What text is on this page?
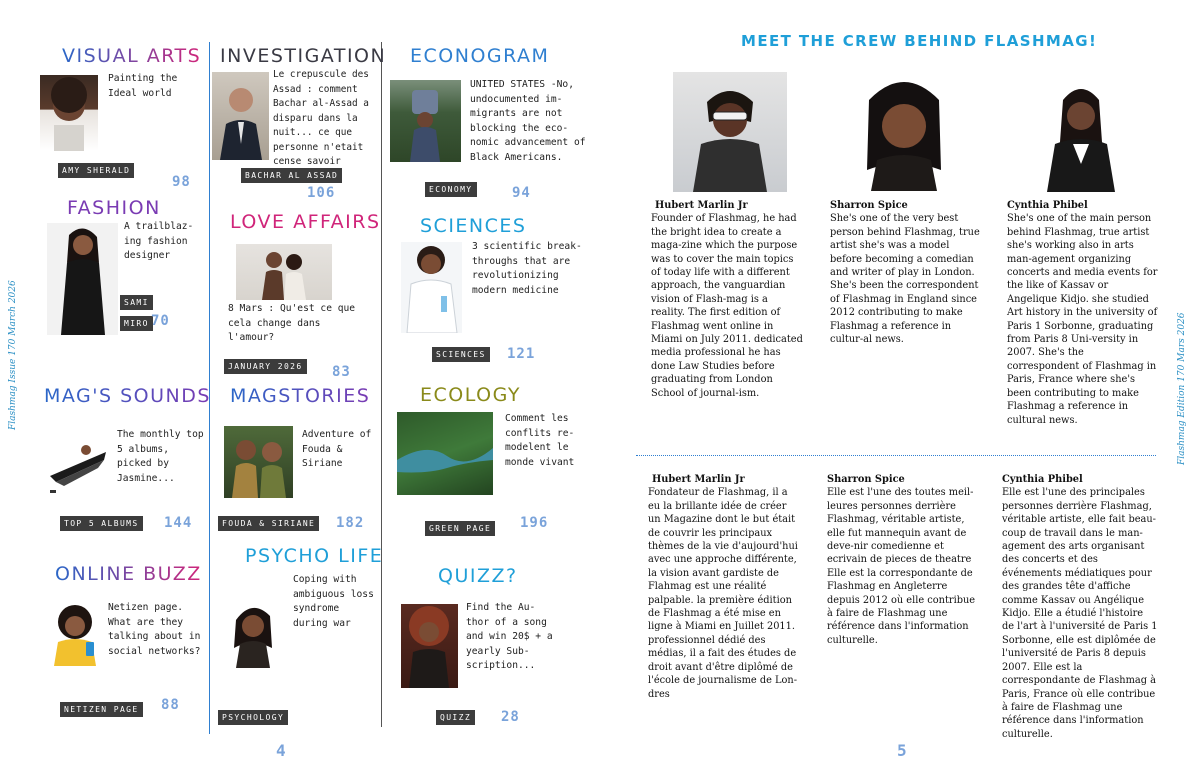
Flashmag Issue 170 March 2026
VISUAL ARTS
Painting the Ideal world
AMY SHERALD
98
INVESTIGATION
Le crepuscule des Assad : comment Bachar al-Assad a disparu dans la nuit... ce que personne n'etait cense savoir
BACHAR AL ASSAD
106
ECONOGRAM
UNITED STATES -No, undocumented im-migrants are not blocking the eco-nomic advancement of Black Americans.
ECONOMY	94
FASHION
A trailblaz-ing fashion designer
SAMI
MIRO 70
LOVE AFFAIRS
8 Mars : Qu'est ce que cela change dans l'amour?
JANUARY 2026 83
SCIENCES
3 scientific break-throughs that are revolutionizing modern medicine
SCIENCES 121
MAG'S SOUNDS
The monthly top 5 albums, picked by Jasmine...
TOP 5 ALBUMS 144
MAGSTORIES
Adventure of Fouda & Siriane
FOUDA & SIRIANE 182
ECOLOGY
Comment les conflits re-modelent le monde vivant
GREEN PAGE 196
ONLINE BUZZ
Netizen page. What are they talking about in social networks?
NETIZEN PAGE 88
PSYCHO LIFE
Coping with ambiguous loss syndrome during war
PSYCHOLOGY
QUIZZ?
Find the Au-thor of a song and win 20$ + a yearly Sub-scription...
QUIZZ 28
4
MEET THE CREW BEHIND FLASHMAG!
Hubert Marlin Jr
Founder of Flashmag, he had the bright idea to create a maga-zine which the purpose was to cover the main topics of today life with a different approach, the vanguardian vision of Flash-mag is a reality. The first edition of Flashmag went online in Miami on July 2011. dedicated media professional he has done Law Studies before graduating from London School of journal-ism.
Sharron Spice
She's one of the very best person behind Flashmag, true artist she's was a model before becoming a comedian and writer of play in London. She's been the correspondent of Flashmag in England since 2012 contributing to make Flashmag a reference in cultur-al news.
Cynthia Phibel
She's one of the main person behind Flashmag, true artist she's working also in arts man-agement organizing concerts and media events for the like of Kassav or Angelique Kidjo. she studied Art history in the university of Paris 1 Sorbonne, graduating from Paris 8 Uni-versity in 2007. She's the correspondent of Flashmag in Paris, France where she's been contributing to make Flashmag a reference in cultural news.
Hubert Marlin Jr
Fondateur de Flashmag, il a eu la brillante idée de créer un Magazine dont le but était de couvrir les principaux thèmes de la vie d'aujourd'hui avec une approche différente, la vision avant gardiste de Flahmag est une réalité palpable. la première édition de Flashmag a été mise en ligne à Miami en Juillet 2011. professionnel dédié des médias, il a fait des études de droit avant d'être diplômé de l'école de journalisme de Lon-dres
Sharron Spice
Elle est l'une des toutes meil-leures personnes derrière Flashmag, véritable artiste, elle fut mannequin avant de deve-nir comedienne et ecrivain de pieces de theatre Elle est la correspondante de Flashmag en Angleterre depuis 2012 où elle contribue à faire de Flashmag une référence dans l'information culturelle.
Cynthia Phibel
Elle est l'une des principales personnes derrière Flashmag, véritable artiste, elle fait beau-coup de travail dans le man-agement des arts organisant des concerts et des événements médiatiques pour des grandes tête d'affiche comme Kassav ou Angélique Kidjo. Elle a étudié l'histoire de l'art à l'université de Paris 1 Sorbonne, elle est diplômée de l'université de Paris 8 depuis 2007. Elle est la correspondante de Flashmag à Paris, France où elle contribue à faire de Flashmag une référence dans l'information culturelle.
Flashmag Edition 170 Mars 2026
5
